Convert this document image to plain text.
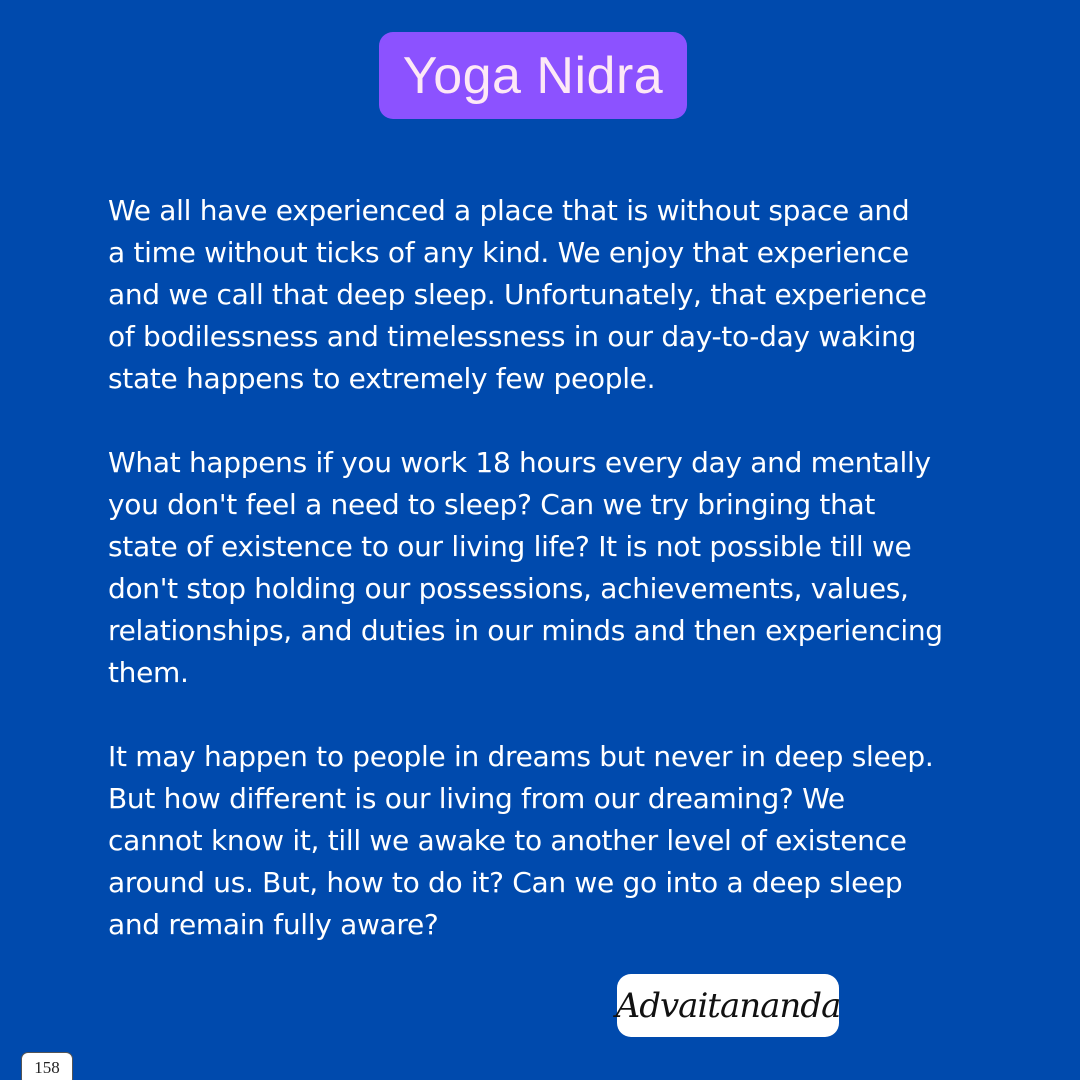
Yoga Nidra

We all have experienced a place that is without space and
a time without ticks of any kind. We enjoy that experience
and we call that deep sleep. Unfortunately, that experience
of bodilessness and timelessness in our day-to-day waking
state happens to extremely few people.

What happens if you work 18 hours every day and mentally
you don't feel a need to sleep? Can we try bringing that
state of existence to our living life? It is not possible till we
don't stop holding our possessions, achievements, values,
relationships, and duties in our minds and then experiencing
them.

It may happen to people in dreams but never in deep sleep.
But how different is our living from our dreaming? We
cannot know it, till we awake to another level of existence
around us. But, how to do it? Can we go into a deep sleep
and remain fully aware?

Advaitananda
158
